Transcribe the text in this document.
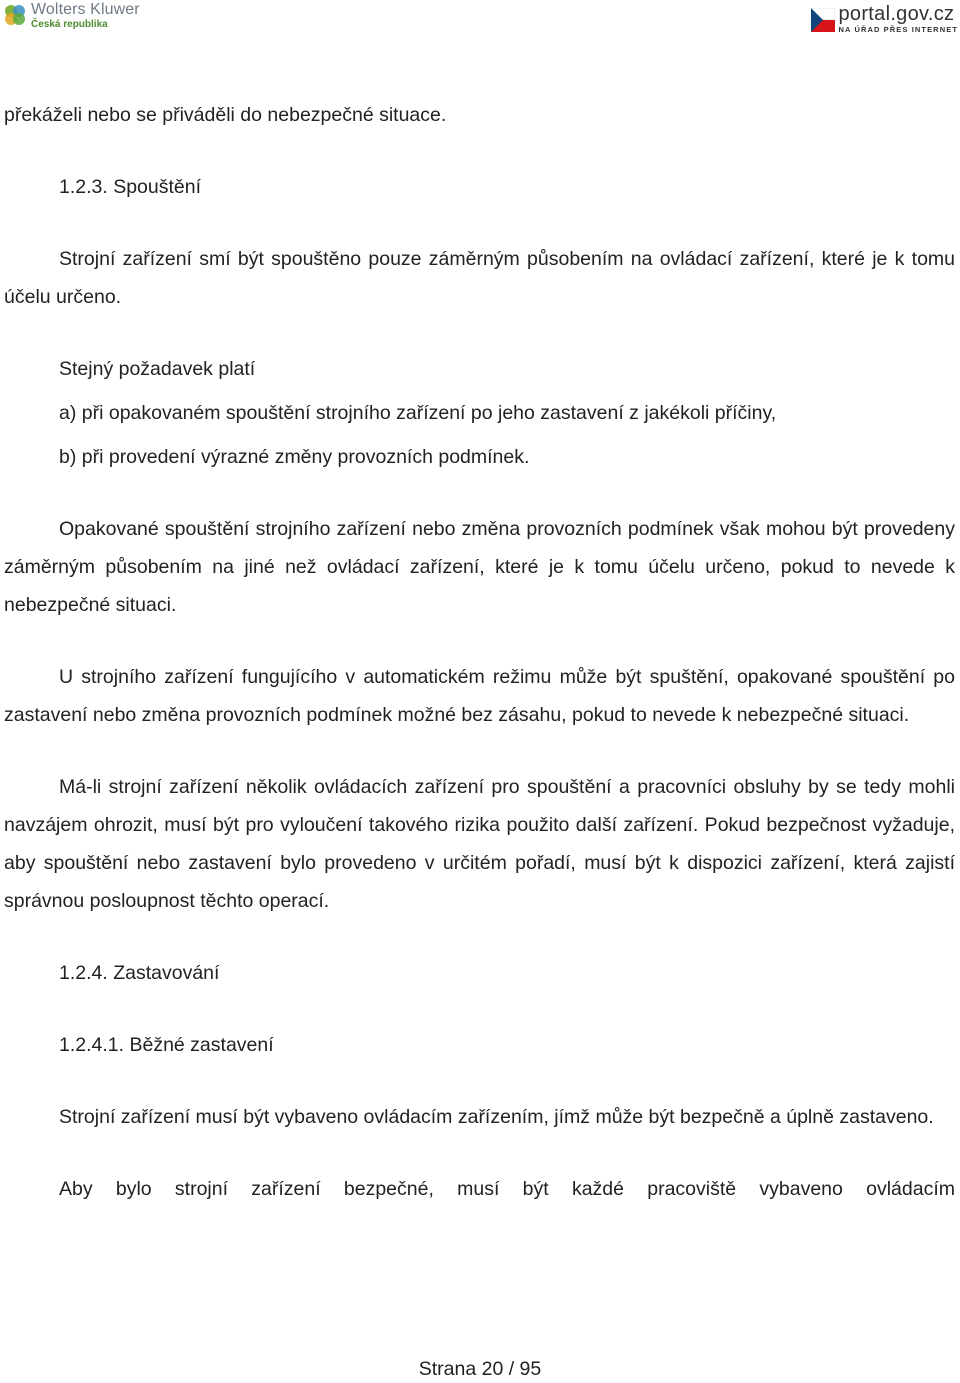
Wolters Kluwer
Česká republika	portal.gov.cz
NA ÚŘAD PŘES INTERNET

překáželi nebo se přiváděli do nebezpečné situace.

1.2.3. Spouštění

Strojní zařízení smí být spouštěno pouze záměrným působením na ovládací zařízení, které je k tomu účelu určeno.

Stejný požadavek platí

a) při opakovaném spouštění strojního zařízení po jeho zastavení z jakékoli příčiny,

b) při provedení výrazné změny provozních podmínek.

Opakované spouštění strojního zařízení nebo změna provozních podmínek však mohou být provedeny záměrným působením na jiné než ovládací zařízení, které je k tomu účelu určeno, pokud to nevede k nebezpečné situaci.

U strojního zařízení fungujícího v automatickém režimu může být spuštění, opakované spouštění po zastavení nebo změna provozních podmínek možné bez zásahu, pokud to nevede k nebezpečné situaci.

Má-li strojní zařízení několik ovládacích zařízení pro spouštění a pracovníci obsluhy by se tedy mohli navzájem ohrozit, musí být pro vyloučení takového rizika použito další zařízení. Pokud bezpečnost vyžaduje, aby spouštění nebo zastavení bylo provedeno v určitém pořadí, musí být k dispozici zařízení, která zajistí správnou posloupnost těchto operací.

1.2.4. Zastavování

1.2.4.1. Běžné zastavení

Strojní zařízení musí být vybaveno ovládacím zařízením, jímž může být bezpečně a úplně zastaveno.

Aby bylo strojní zařízení bezpečné, musí být každé pracoviště vybaveno ovládacím

Strana 20 / 95
